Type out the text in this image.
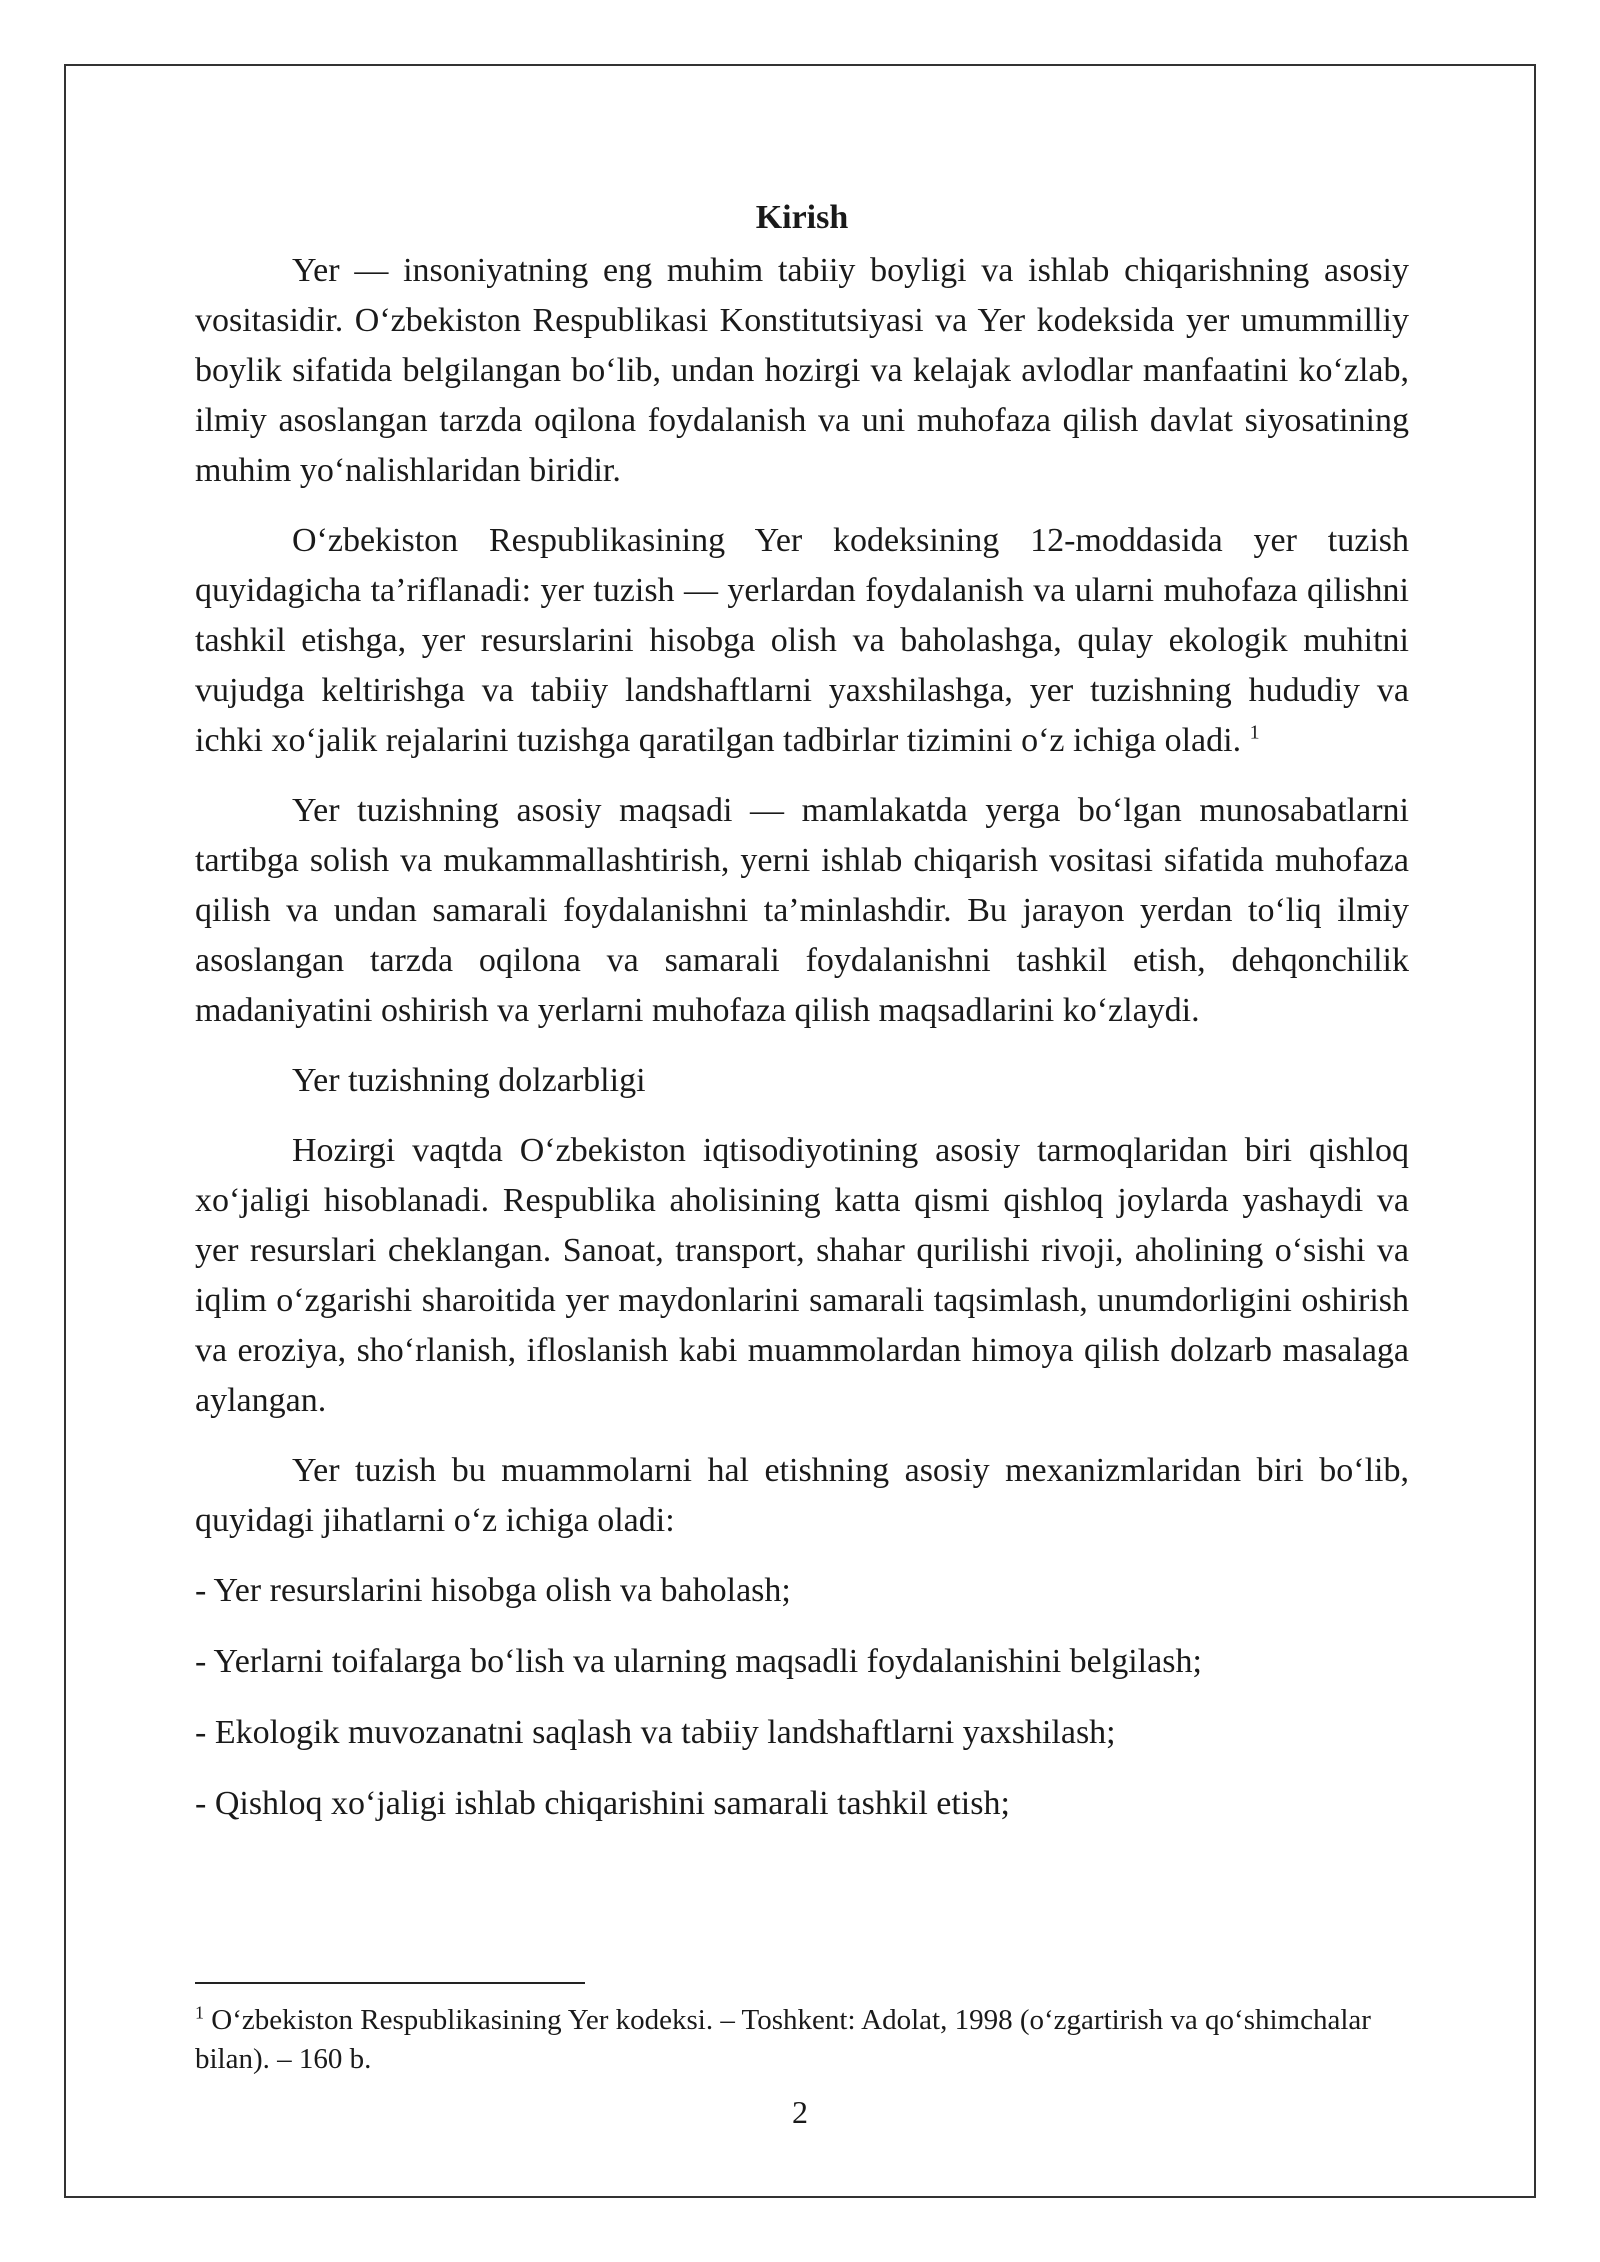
Kirish

Yer — insoniyatning eng muhim tabiiy boyligi va ishlab chiqarishning asosiy vositasidir. O‘zbekiston Respublikasi Konstitutsiyasi va Yer kodeksida yer umummilliy boylik sifatida belgilangan bo‘lib, undan hozirgi va kelajak avlodlar manfaatini ko‘zlab, ilmiy asoslangan tarzda oqilona foydalanish va uni muhofaza qilish davlat siyosatining muhim yo‘nalishlaridan biridir.

O‘zbekiston Respublikasining Yer kodeksining 12-moddasida yer tuzish quyidagicha ta’riflanadi: yer tuzish — yerlardan foydalanish va ularni muhofaza qilishni tashkil etishga, yer resurslarini hisobga olish va baholashga, qulay ekologik muhitni vujudga keltirishga va tabiiy landshaftlarni yaxshilashga, yer tuzishning hududiy va ichki xo‘jalik rejalarini tuzishga qaratilgan tadbirlar tizimini o‘z ichiga oladi. $^1$

Yer tuzishning asosiy maqsadi — mamlakatda yerga bo‘lgan munosabatlarni tartibga solish va mukammallashtirish, yerni ishlab chiqarish vositasi sifatida muhofaza qilish va undan samarali foydalanishni ta’minlashdir. Bu jarayon yerdan to‘liq ilmiy asoslangan tarzda oqilona va samarali foydalanishni tashkil etish, dehqonchilik madaniyatini oshirish va yerlarni muhofaza qilish maqsadlarini ko‘zlaydi.

Yer tuzishning dolzarbligi

Hozirgi vaqtda O‘zbekiston iqtisodiyotining asosiy tarmoqlaridan biri qishloq xo‘jaligi hisoblanadi. Respublika aholisining katta qismi qishloq joylarda yashaydi va yer resurslari cheklangan. Sanoat, transport, shahar qurilishi rivoji, aholining o‘sishi va iqlim o‘zgarishi sharoitida yer maydonlarini samarali taqsimlash, unumdorligini oshirish va eroziya, sho‘rlanish, ifloslanish kabi muammolardan himoya qilish dolzarb masalaga aylangan.

Yer tuzish bu muammolarni hal etishning asosiy mexanizmlaridan biri bo‘lib, quyidagi jihatlarni o‘z ichiga oladi:

- Yer resurslarini hisobga olish va baholash;

- Yerlarni toifalarga bo‘lish va ularning maqsadli foydalanishini belgilash;

- Ekologik muvozanatni saqlash va tabiiy landshaftlarni yaxshilash;

- Qishloq xo‘jaligi ishlab chiqarishini samarali tashkil etish;

$^1$ O‘zbekiston Respublikasining Yer kodeksi. – Toshkent: Adolat, 1998 (o‘zgartirish va qo‘shimchalar bilan). – 160 b.
2
